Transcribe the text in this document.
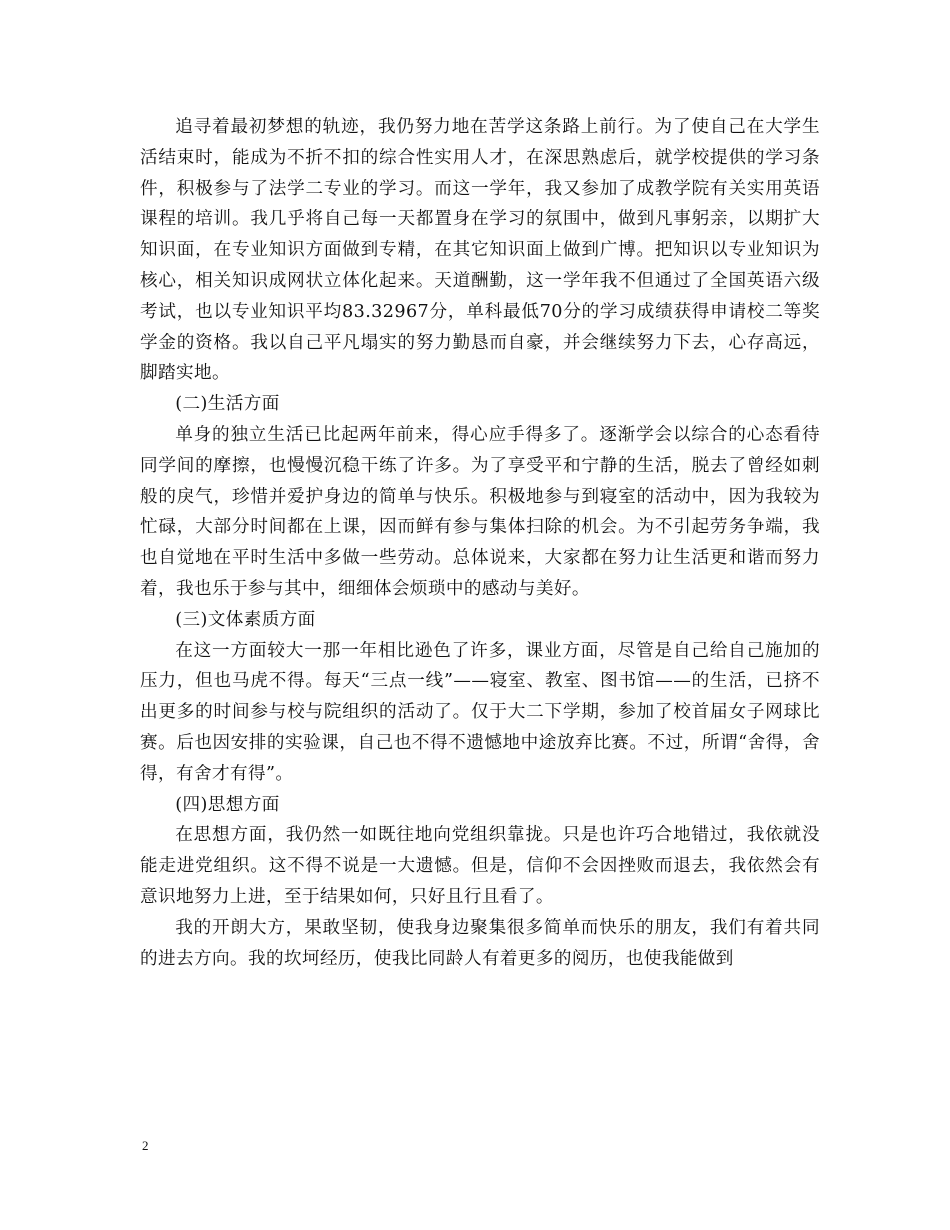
追寻着最初梦想的轨迹，我仍努力地在苦学这条路上前行。为了使自己在大学生活结束时，能成为不折不扣的综合性实用人才，在深思熟虑后，就学校提供的学习条件，积极参与了法学二专业的学习。而这一学年，我又参加了成教学院有关实用英语课程的培训。我几乎将自己每一天都置身在学习的氛围中，做到凡事躬亲，以期扩大知识面，在专业知识方面做到专精，在其它知识面上做到广博。把知识以专业知识为核心，相关知识成网状立体化起来。天道酬勤，这一学年我不但通过了全国英语六级考试，也以专业知识平均83.32967分，单科最低70分的学习成绩获得申请校二等奖学金的资格。我以自己平凡塌实的努力勤恳而自豪，并会继续努力下去，心存高远，脚踏实地。

(二)生活方面

单身的独立生活已比起两年前来，得心应手得多了。逐渐学会以综合的心态看待同学间的摩擦，也慢慢沉稳干练了许多。为了享受平和宁静的生活，脱去了曾经如刺般的戾气，珍惜并爱护身边的简单与快乐。积极地参与到寝室的活动中，因为我较为忙碌，大部分时间都在上课，因而鲜有参与集体扫除的机会。为不引起劳务争端，我也自觉地在平时生活中多做一些劳动。总体说来，大家都在努力让生活更和谐而努力着，我也乐于参与其中，细细体会烦琐中的感动与美好。

(三)文体素质方面

在这一方面较大一那一年相比逊色了许多，课业方面，尽管是自己给自己施加的压力，但也马虎不得。每天“三点一线”——寝室、教室、图书馆——的生活，已挤不出更多的时间参与校与院组织的活动了。仅于大二下学期，参加了校首届女子网球比赛。后也因安排的实验课，自己也不得不遗憾地中途放弃比赛。不过，所谓“舍得，舍得，有舍才有得”。

(四)思想方面

在思想方面，我仍然一如既往地向党组织靠拢。只是也许巧合地错过，我依就没能走进党组织。这不得不说是一大遗憾。但是，信仰不会因挫败而退去，我依然会有意识地努力上进，至于结果如何，只好且行且看了。

我的开朗大方，果敢坚韧，使我身边聚集很多简单而快乐的朋友，我们有着共同的进去方向。我的坎坷经历，使我比同龄人有着更多的阅历，也使我能做到

2
